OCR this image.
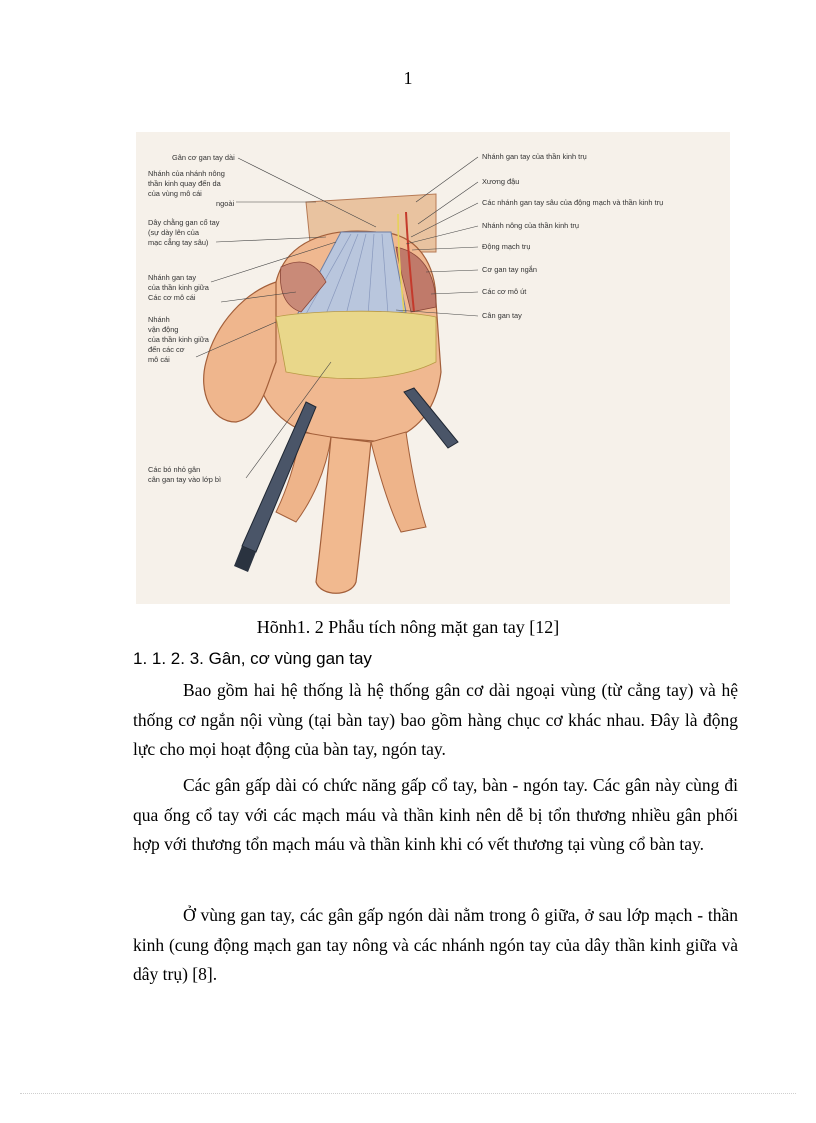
1
Gân cơ gan tay dài
Nhánh của nhánh nông
thần kinh quay đến da
của vùng mô cái
ngoài
Dây chằng gan cổ tay
(sự dày lên của
mạc cẳng tay sâu)
Nhánh gan tay
của thần kinh giữa
Các cơ mô cái
Nhánh
vận động
của thần kinh giữa
đến các cơ
mô cái
Các bó nhỏ gân
cân gan tay vào lớp bì
Nhánh gan tay của thần kinh trụ
Xương đậu
Các nhánh gan tay sâu của động mạch và thần kinh trụ
Nhánh nông của thần kinh trụ
Động mạch trụ
Cơ gan tay ngắn
Các cơ mô út
Cân gan tay
Hõnh1. 2 Phẫu tích nông mặt gan tay [12]
1. 1. 2. 3. Gân, cơ vùng gan tay

Bao gồm hai hệ thống là hệ thống gân cơ dài ngoại vùng (từ cẳng tay) và hệ thống cơ ngắn nội vùng (tại bàn tay) bao gồm hàng chục cơ khác nhau. Đây là động lực cho mọi hoạt động của bàn tay, ngón tay.

Các gân gấp dài có chức năng gấp cổ tay, bàn - ngón tay. Các gân này cùng đi qua ống cổ tay với các mạch máu và thần kinh nên dễ bị tổn thương nhiều gân phối hợp với thương tổn mạch máu và thần kinh khi có vết thương tại vùng cổ bàn tay.

Ở vùng gan tay, các gân gấp ngón dài nằm trong ô giữa, ở sau lớp mạch - thần kinh (cung động mạch gan tay nông và các nhánh ngón tay của dây thần kinh giữa và dây trụ) [8].
